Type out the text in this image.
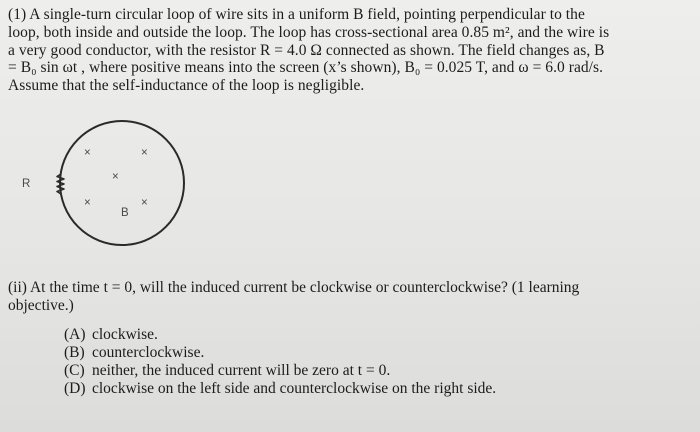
(1) A single-turn circular loop of wire sits in a uniform B field, pointing perpendicular to the
loop, both inside and outside the loop. The loop has cross-sectional area 0.85 m², and the wire is
a very good conductor, with the resistor R = 4.0 Ω connected as shown. The field changes as, B
= B₀ sin ωt , where positive means into the screen (x’s shown), B₀ = 0.025 T, and ω = 6.0 rad/s.
Assume that the self-inductance of the loop is negligible.
R
×	×
×
×	×
B
(ii) At the time t = 0, will the induced current be clockwise or counterclockwise? (1 learning
objective.)
(A) clockwise.
(B) counterclockwise.
(C) neither, the induced current will be zero at t = 0.
(D) clockwise on the left side and counterclockwise on the right side.
